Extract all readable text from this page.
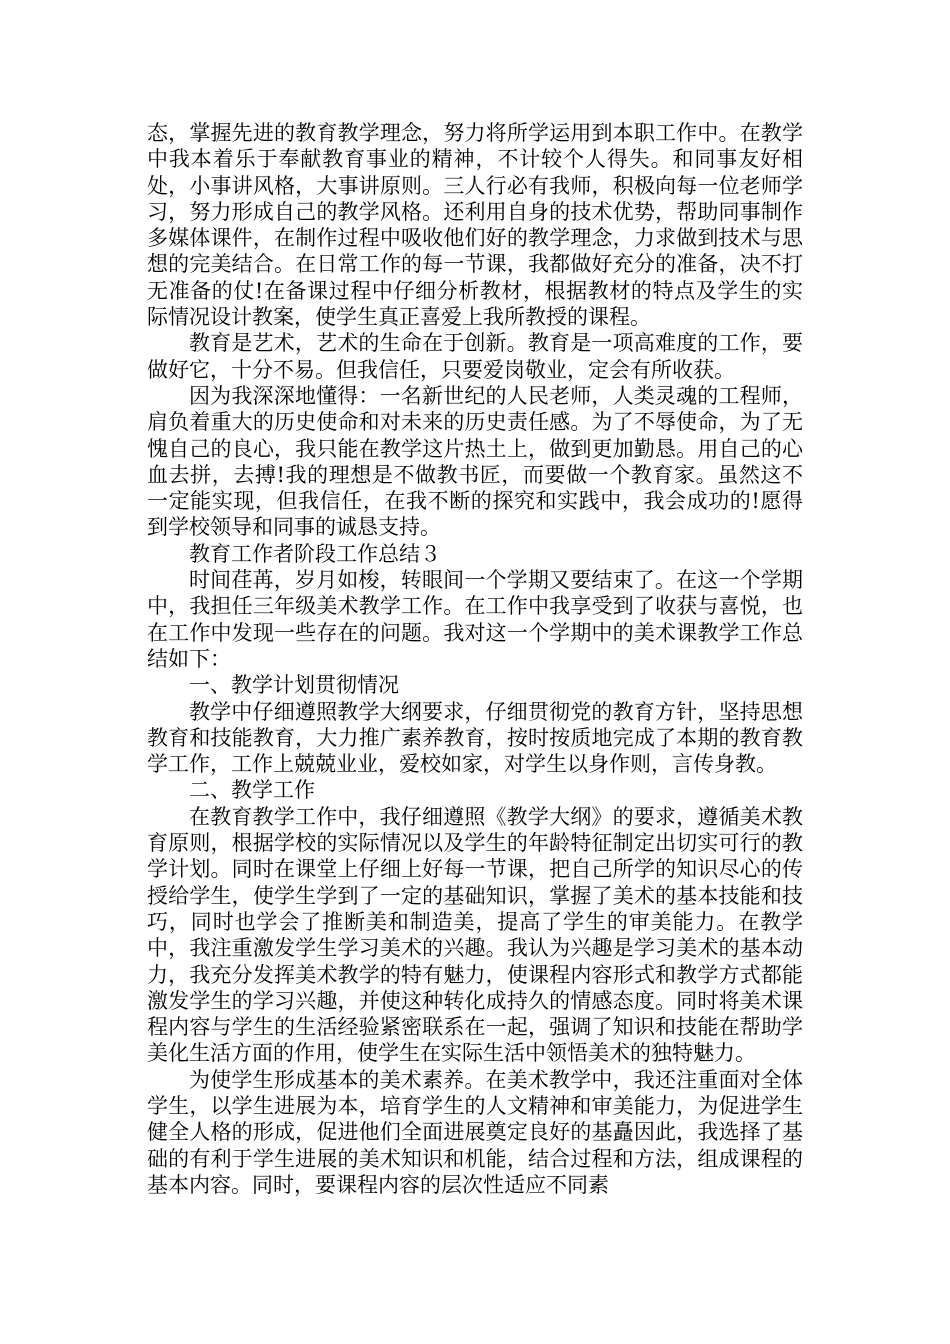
态，掌握先进的教育教学理念，努力将所学运用到本职工作中。在教学中我本着乐于奉献教育事业的精神，不计较个人得失。和同事友好相处，小事讲风格，大事讲原则。三人行必有我师，积极向每一位老师学习，努力形成自己的教学风格。还利用自身的技术优势，帮助同事制作多媒体课件，在制作过程中吸收他们好的教学理念，力求做到技术与思想的完美结合。在日常工作的每一节课，我都做好充分的准备，决不打无准备的仗!在备课过程中仔细分析教材，根据教材的特点及学生的实际情况设计教案，使学生真正喜爱上我所教授的课程。

教育是艺术，艺术的生命在于创新。教育是一项高难度的工作，要做好它，十分不易。但我信任，只要爱岗敬业，定会有所收获。

因为我深深地懂得：一名新世纪的人民老师，人类灵魂的工程师，肩负着重大的历史使命和对未来的历史责任感。为了不辱使命，为了无愧自己的良心，我只能在教学这片热土上，做到更加勤恳。用自己的心血去拼，去搏!我的理想是不做教书匠，而要做一个教育家。虽然这不一定能实现，但我信任，在我不断的探究和实践中，我会成功的!愿得到学校领导和同事的诚恳支持。

教育工作者阶段工作总结３

时间荏苒，岁月如梭，转眼间一个学期又要结束了。在这一个学期中，我担任三年级美术教学工作。在工作中我享受到了收获与喜悦，也在工作中发现一些存在的问题。我对这一个学期中的美术课教学工作总结如下：

一、教学计划贯彻情况

教学中仔细遵照教学大纲要求，仔细贯彻党的教育方针，坚持思想教育和技能教育，大力推广素养教育，按时按质地完成了本期的教育教学工作，工作上兢兢业业，爱校如家，对学生以身作则，言传身教。

二、教学工作

在教育教学工作中，我仔细遵照《教学大纲》的要求，遵循美术教育原则，根据学校的实际情况以及学生的年龄特征制定出切实可行的教学计划。同时在课堂上仔细上好每一节课，把自己所学的知识尽心的传授给学生，使学生学到了一定的基础知识，掌握了美术的基本技能和技巧，同时也学会了推断美和制造美，提高了学生的审美能力。在教学中，我注重激发学生学习美术的兴趣。我认为兴趣是学习美术的基本动力，我充分发挥美术教学的特有魅力，使课程内容形式和教学方式都能激发学生的学习兴趣，并使这种转化成持久的情感态度。同时将美术课程内容与学生的生活经验紧密联系在一起，强调了知识和技能在帮助学美化生活方面的作用，使学生在实际生活中领悟美术的独特魅力。

为使学生形成基本的美术素养。在美术教学中，我还注重面对全体学生，以学生进展为本，培育学生的人文精神和审美能力，为促进学生健全人格的形成，促进他们全面进展奠定良好的基矗因此，我选择了基础的有利于学生进展的美术知识和机能，结合过程和方法，组成课程的基本内容。同时，要课程内容的层次性适应不同素
